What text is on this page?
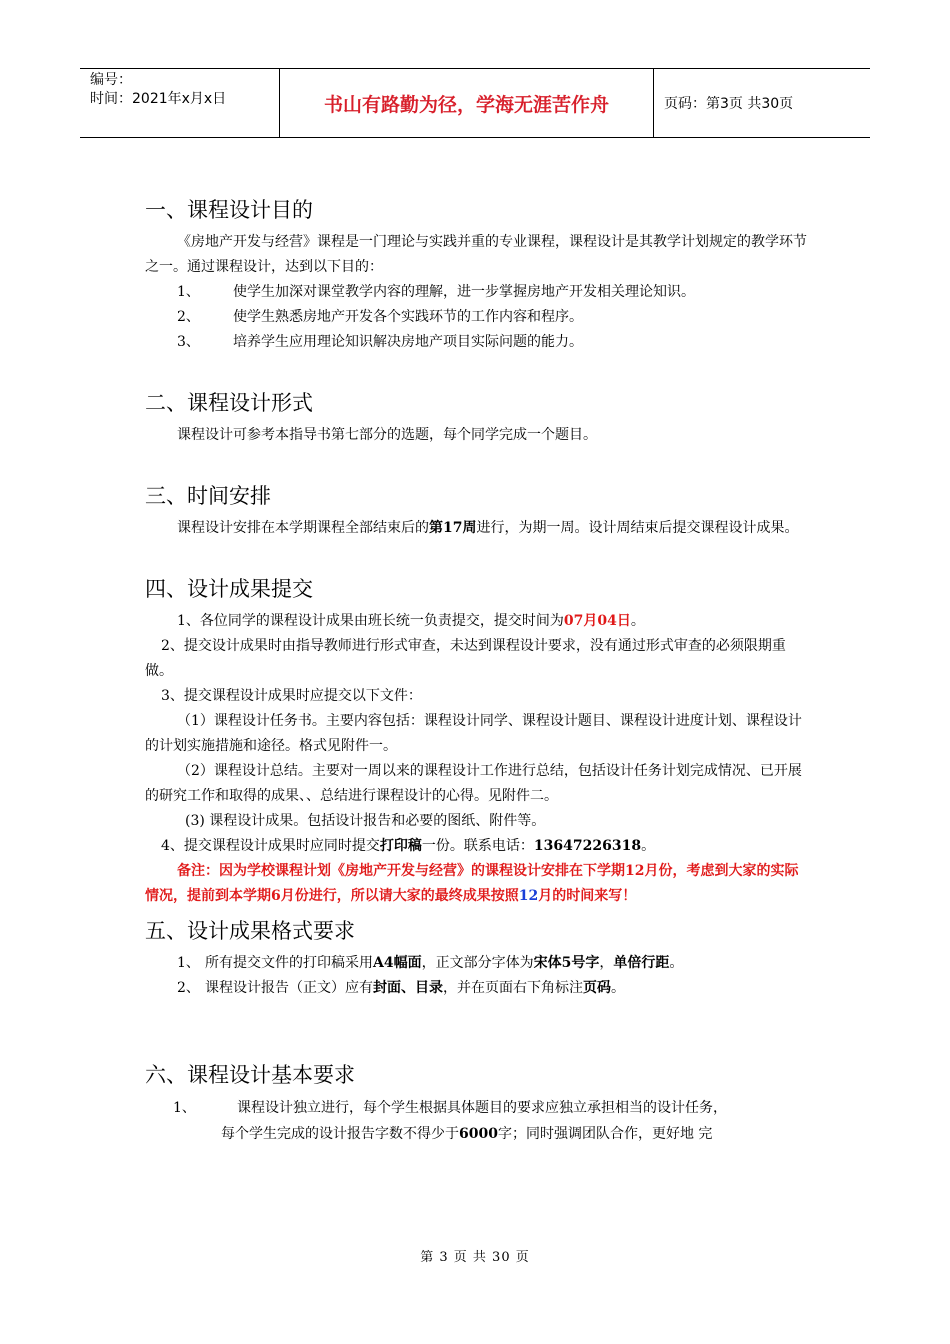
编号：
时间：2021年x月x日	书山有路勤为径，学海无涯苦作舟	页码：第3页 共30页
一、课程设计目的

《房地产开发与经营》课程是一门理论与实践并重的专业课程，课程设计是其教学计划规定的教学环节之一。通过课程设计，达到以下目的：

1、 使学生加深对课堂教学内容的理解，进一步掌握房地产开发相关理论知识。

2、 使学生熟悉房地产开发各个实践环节的工作内容和程序。

3、 培养学生应用理论知识解决房地产项目实际问题的能力。

二、课程设计形式

课程设计可参考本指导书第七部分的选题，每个同学完成一个题目。

三、时间安排

课程设计安排在本学期课程全部结束后的第17周进行，为期一周。设计周结束后提交课程设计成果。

四、设计成果提交

1、各位同学的课程设计成果由班长统一负责提交，提交时间为07月04日。

2、提交设计成果时由指导教师进行形式审查，未达到课程设计要求，没有通过形式审查的必须限期重做。

3、提交课程设计成果时应提交以下文件：

（1）课程设计任务书。主要内容包括：课程设计同学、课程设计题目、课程设计进度计划、课程设计的计划实施措施和途径。格式见附件一。

（2）课程设计总结。主要对一周以来的课程设计工作进行总结，包括设计任务计划完成情况、已开展的研究工作和取得的成果、、总结进行课程设计的心得。见附件二。

(3) 课程设计成果。包括设计报告和必要的图纸、附件等。

4、提交课程设计成果时应同时提交打印稿一份。联系电话：13647226318。

备注：因为学校课程计划《房地产开发与经营》的课程设计安排在下学期12月份，考虑到大家的实际情况，提前到本学期6月份进行，所以请大家的最终成果按照12月的时间来写！

五、设计成果格式要求

1、 所有提交文件的打印稿采用A4幅面，正文部分字体为宋体5号字，单倍行距。

2、 课程设计报告（正文）应有封面、目录，并在页面右下角标注页码。

六、课程设计基本要求

1、	课程设计独立进行，每个学生根据具体题目的要求应独立承担相当的设计任务，
每个学生完成的设计报告字数不得少于6000字；同时强调团队合作，更好地 完

第 3 页 共 30 页
